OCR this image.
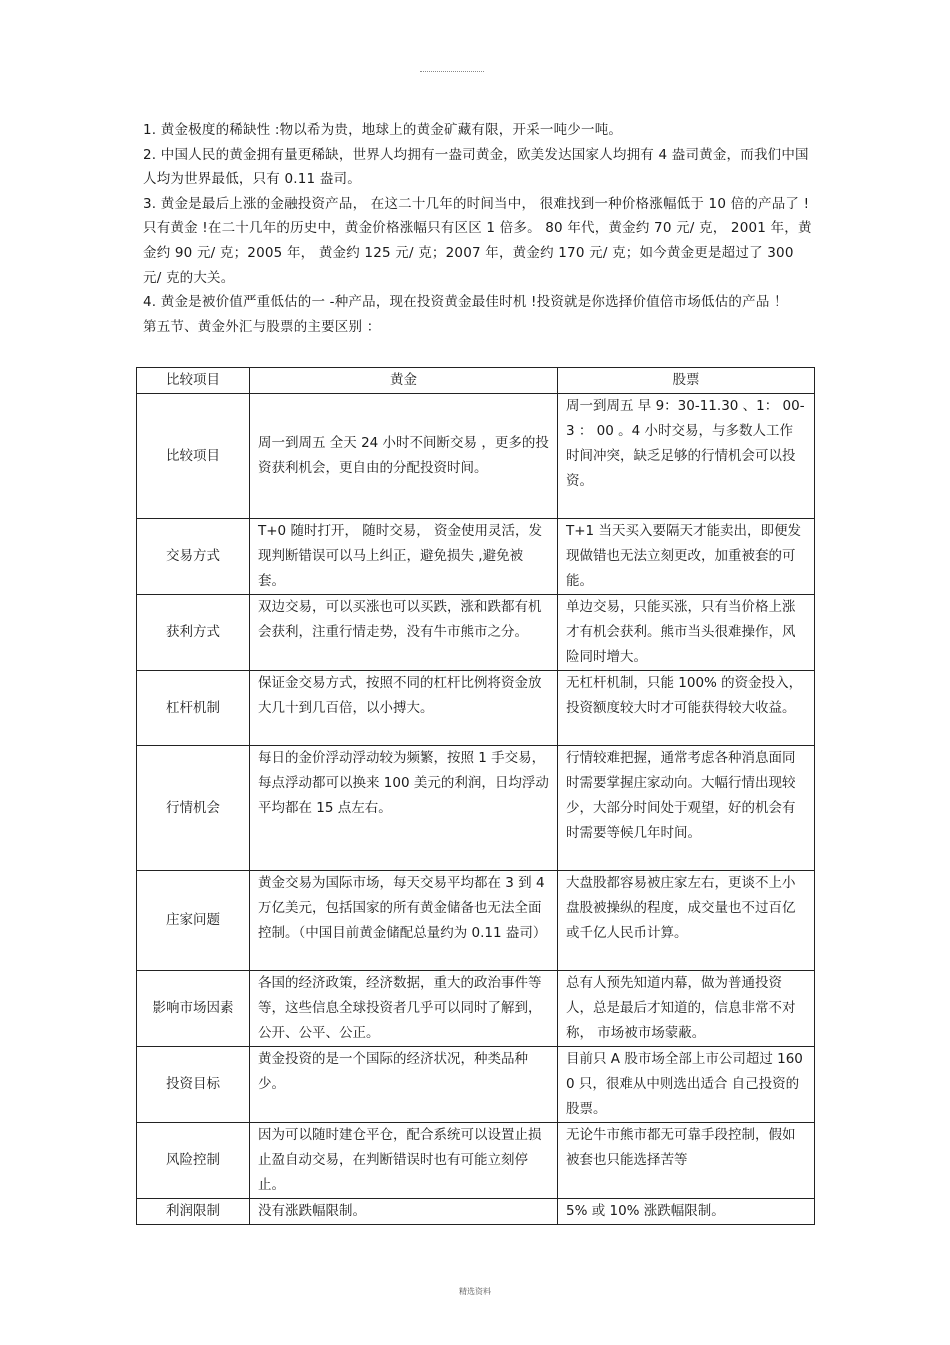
1. 黄金极度的稀缺性 :物以希为贵，地球上的黄金矿藏有限，开采一吨少一吨。

2. 中国人民的黄金拥有量更稀缺，世界人均拥有一盎司黄金，欧美发达国家人均拥有 4 盎司黄金，而我们中国人均为世界最低，只有 0.11 盎司。

3. 黄金是最后上涨的金融投资产品， 在这二十几年的时间当中， 很难找到一种价格涨幅低于 10 倍的产品了 !只有黄金 !在二十几年的历史中，黄金价格涨幅只有区区 1 倍多。 80 年代，黄金约 70 元/ 克， 2001 年，黄金约 90 元/ 克；2005 年， 黄金约 125 元/ 克；2007 年，黄金约 170 元/ 克；如今黄金更是超过了 300 元/ 克的大关。

4. 黄金是被价值严重低估的一 -种产品，现在投资黄金最佳时机 !投资就是你选择价值倍市场低估的产品 ！

第五节、黄金外汇与股票的主要区别 ：

比较项目	黄金	股票
比较项目	周一到周五 全天 24 小时不间断交易 ，更多的投资获利机会，更自由的分配投资时间。	周一到周五 早 9：30-11.30 、1： 00-3 ： 00 。4 小时交易，与多数人工作时间冲突，缺乏足够的行情机会可以投资。
交易方式	T+0 随时打开， 随时交易， 资金使用灵活，发现判断错误可以马上纠正，避免损失 ,避免被套。	T+1 当天买入要隔天才能卖出，即便发现做错也无法立刻更改，加重被套的可能。
获利方式	双边交易，可以买涨也可以买跌，涨和跌都有机会获利，注重行情走势，没有牛市熊市之分。	单边交易，只能买涨，只有当价格上涨才有机会获利。熊市当头很难操作，风险同时增大。
杠杆机制	保证金交易方式，按照不同的杠杆比例将资金放大几十到几百倍，以小搏大。	无杠杆机制，只能 100% 的资金投入，投资额度较大时才可能获得较大收益。
行情机会	每日的金价浮动浮动较为频繁，按照 1 手交易，每点浮动都可以换来 100 美元的利润，日均浮动平均都在 15 点左右。	行情较难把握，通常考虑各种消息面同时需要掌握庄家动向。大幅行情出现较少，大部分时间处于观望，好的机会有时需要等候几年时间。
庄家问题	黄金交易为国际市场，每天交易平均都在 3 到 4 万亿美元，包括国家的所有黄金储备也无法全面控制。（中国目前黄金储配总量约为 0.11 盎司）	大盘股都容易被庄家左右，更谈不上小盘股被操纵的程度，成交量也不过百亿或千亿人民币计算。
影响市场因素	各国的经济政策，经济数据，重大的政治事件等等，这些信息全球投资者几乎可以同时了解到，公开、公平、公正。	总有人预先知道内幕，做为普通投资人，总是最后才知道的，信息非常不对称， 市场被市场蒙蔽。
投资目标	黄金投资的是一个国际的经济状况，种类品种少。	目前只 A 股市场全部上市公司超过 1600 只，很难从中则选出适合 自己投资的股票。
风险控制	因为可以随时建仓平仓，配合系统可以设置止损止盈自动交易，在判断错误时也有可能立刻停止。	无论牛市熊市都无可靠手段控制，假如被套也只能选择苦等
利润限制	没有涨跌幅限制。	5% 或 10% 涨跌幅限制。
精选资料
